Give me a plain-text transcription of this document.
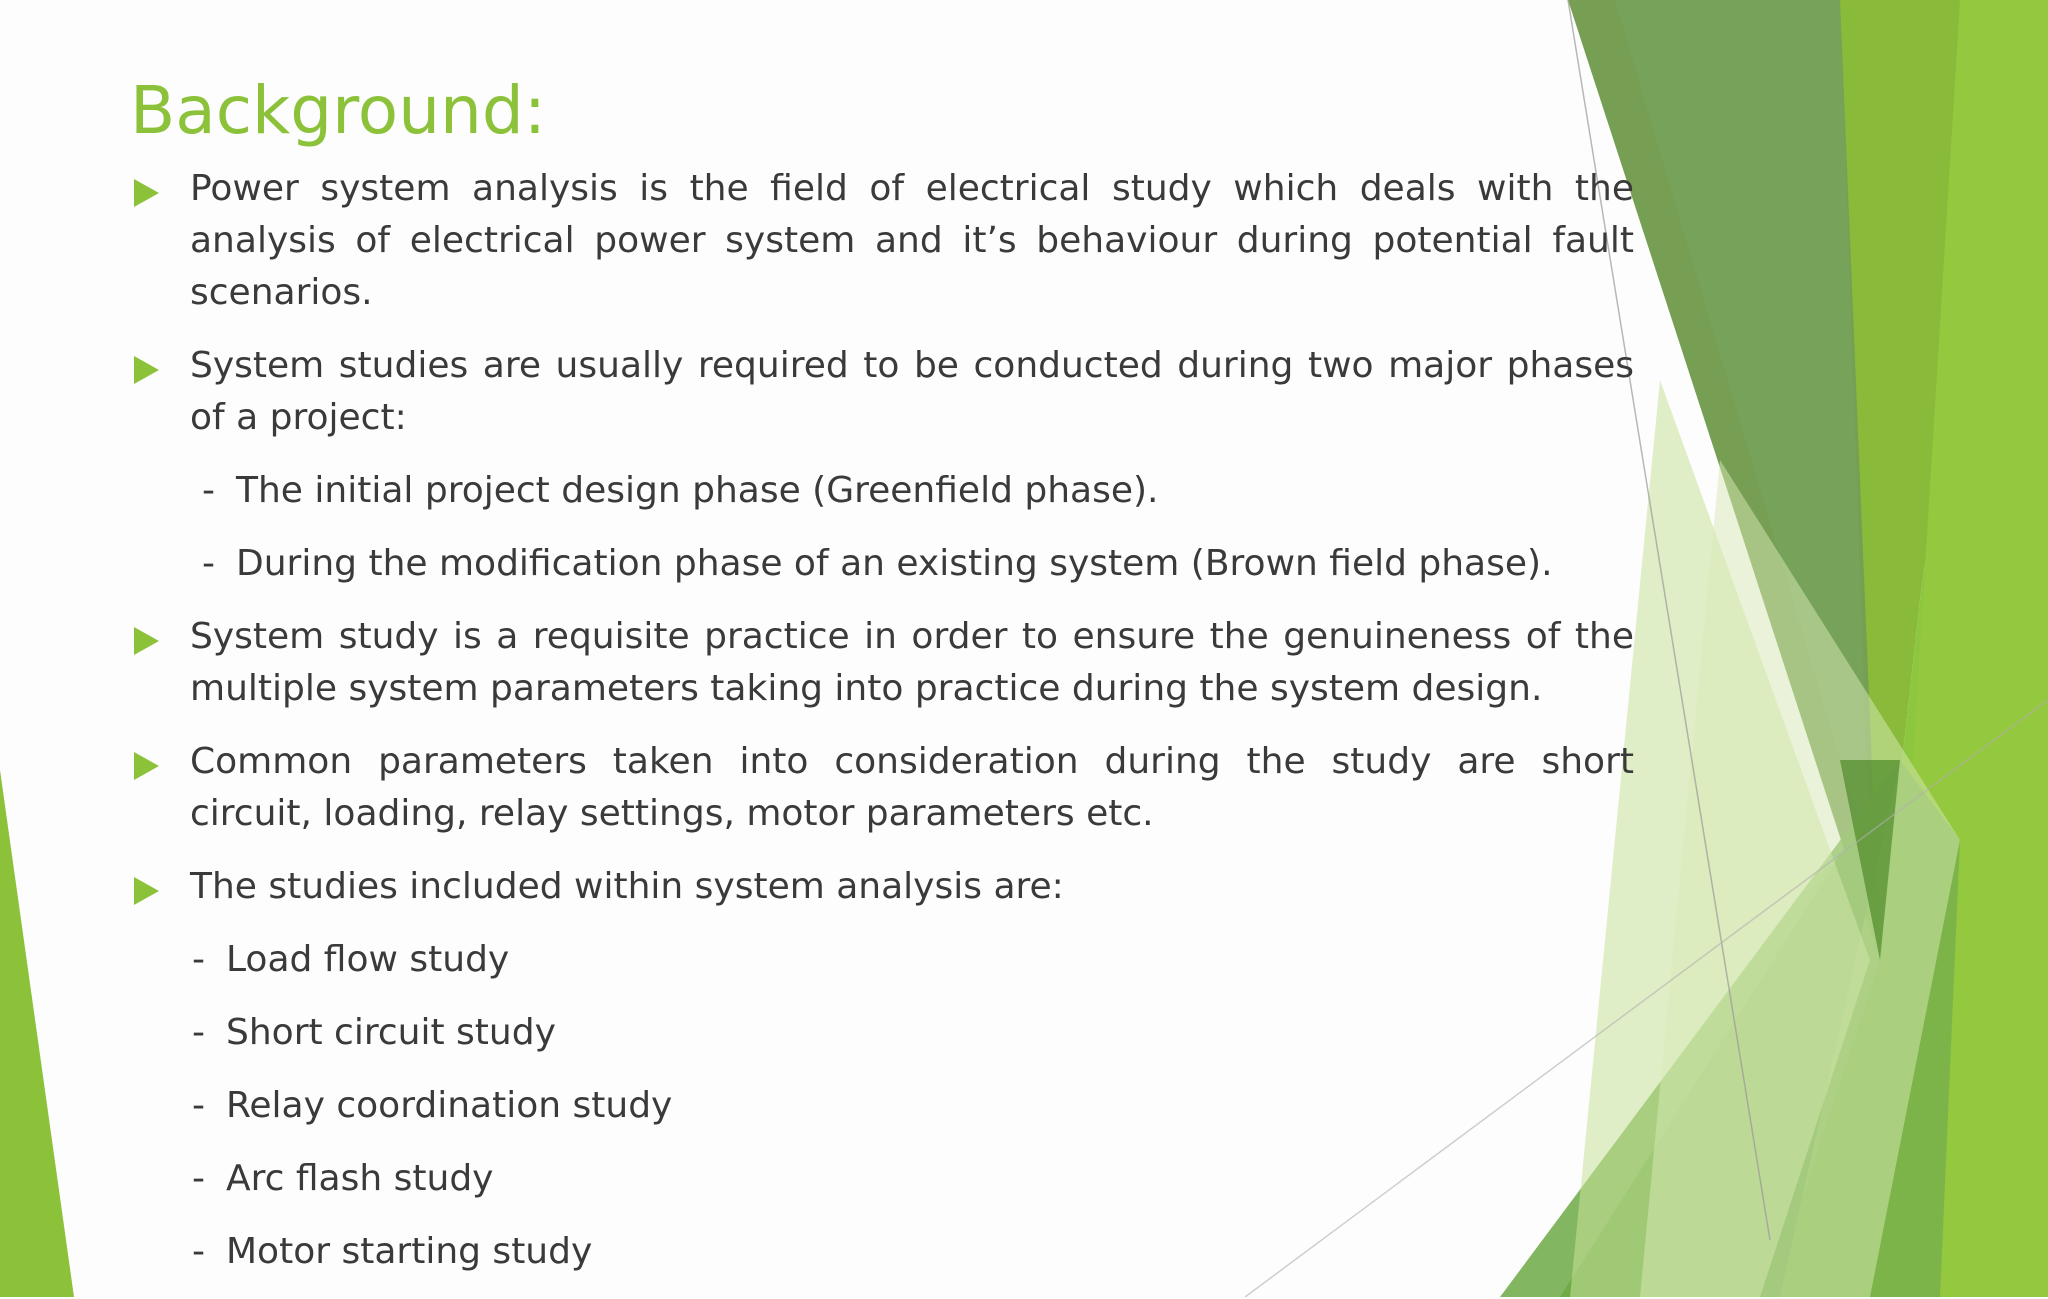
Background:
Power system analysis is the field of electrical study which deals with the analysis of electrical power system and it’s behaviour during potential fault scenarios.
System studies are usually required to be conducted during two major phases of a project:
- The initial project design phase (Greenfield phase).
- During the modification phase of an existing system (Brown field phase).
System study is a requisite practice in order to ensure the genuineness of the multiple system parameters taking into practice during the system design.
Common parameters taken into consideration during the study are short circuit, loading, relay settings, motor parameters etc.
The studies included within system analysis are:
- Load flow study
- Short circuit study
- Relay coordination study
- Arc flash study
- Motor starting study
